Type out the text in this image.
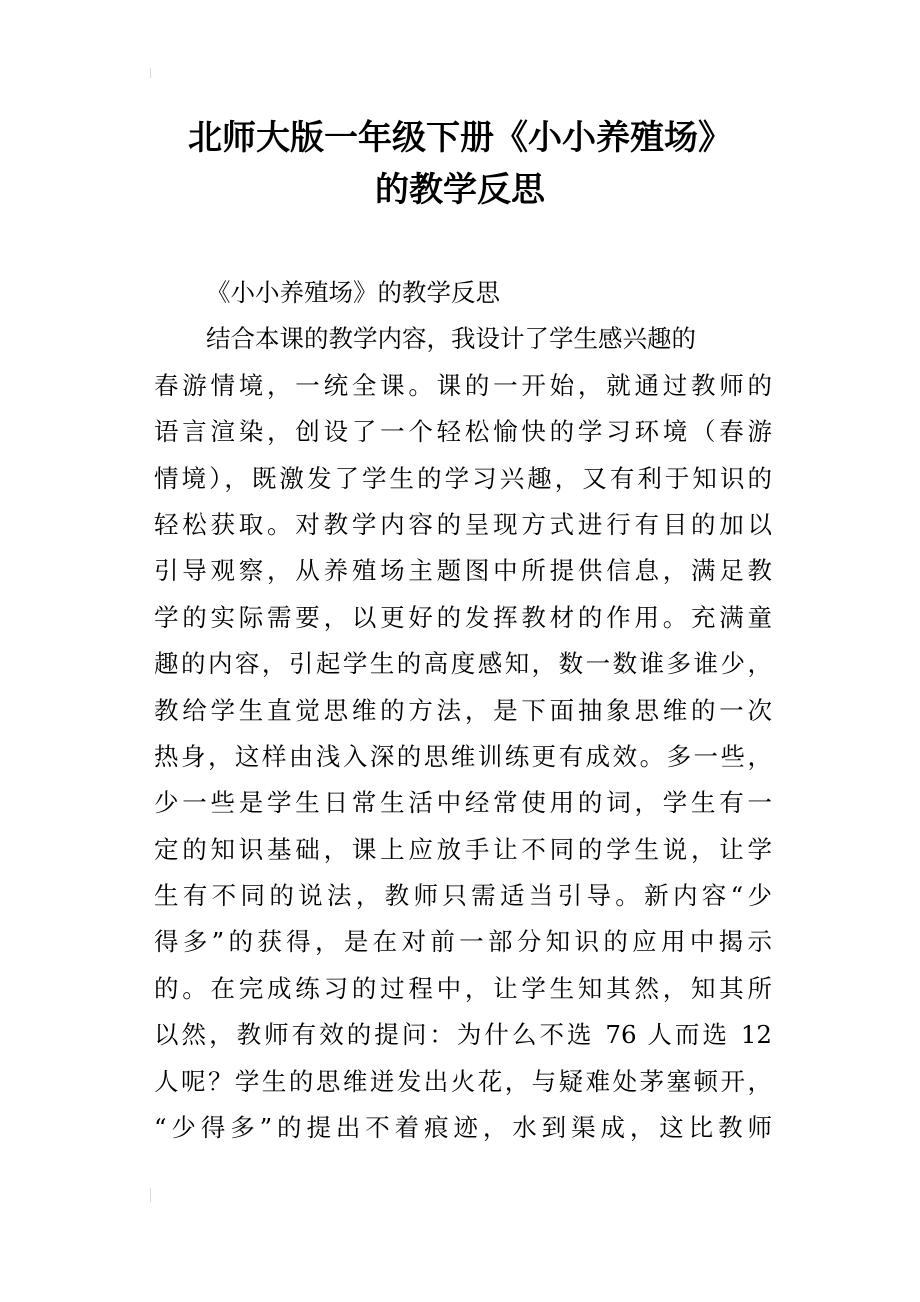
北师大版一年级下册《小小养殖场》
的教学反思
《小小养殖场》的教学反思
结合本课的教学内容，我设计了学生感兴趣的
春游情境，一统全课。课的一开始，就通过教师的
语言渲染，创设了一个轻松愉快的学习环境（春游
情境），既激发了学生的学习兴趣，又有利于知识的
轻松获取。对教学内容的呈现方式进行有目的加以
引导观察，从养殖场主题图中所提供信息，满足教
学的实际需要，以更好的发挥教材的作用。充满童
趣的内容，引起学生的高度感知，数一数谁多谁少，
教给学生直觉思维的方法，是下面抽象思维的一次
热身，这样由浅入深的思维训练更有成效。多一些，
少一些是学生日常生活中经常使用的词，学生有一
定的知识基础，课上应放手让不同的学生说，让学
生有不同的说法，教师只需适当引导。新内容“少
得多”的获得，是在对前一部分知识的应用中揭示
的。在完成练习的过程中，让学生知其然，知其所
以然，教师有效的提问：为什么不选 76 人而选 12
人呢？学生的思维迸发出火花，与疑难处茅塞顿开，
“少得多”的提出不着痕迹，水到渠成，这比教师
